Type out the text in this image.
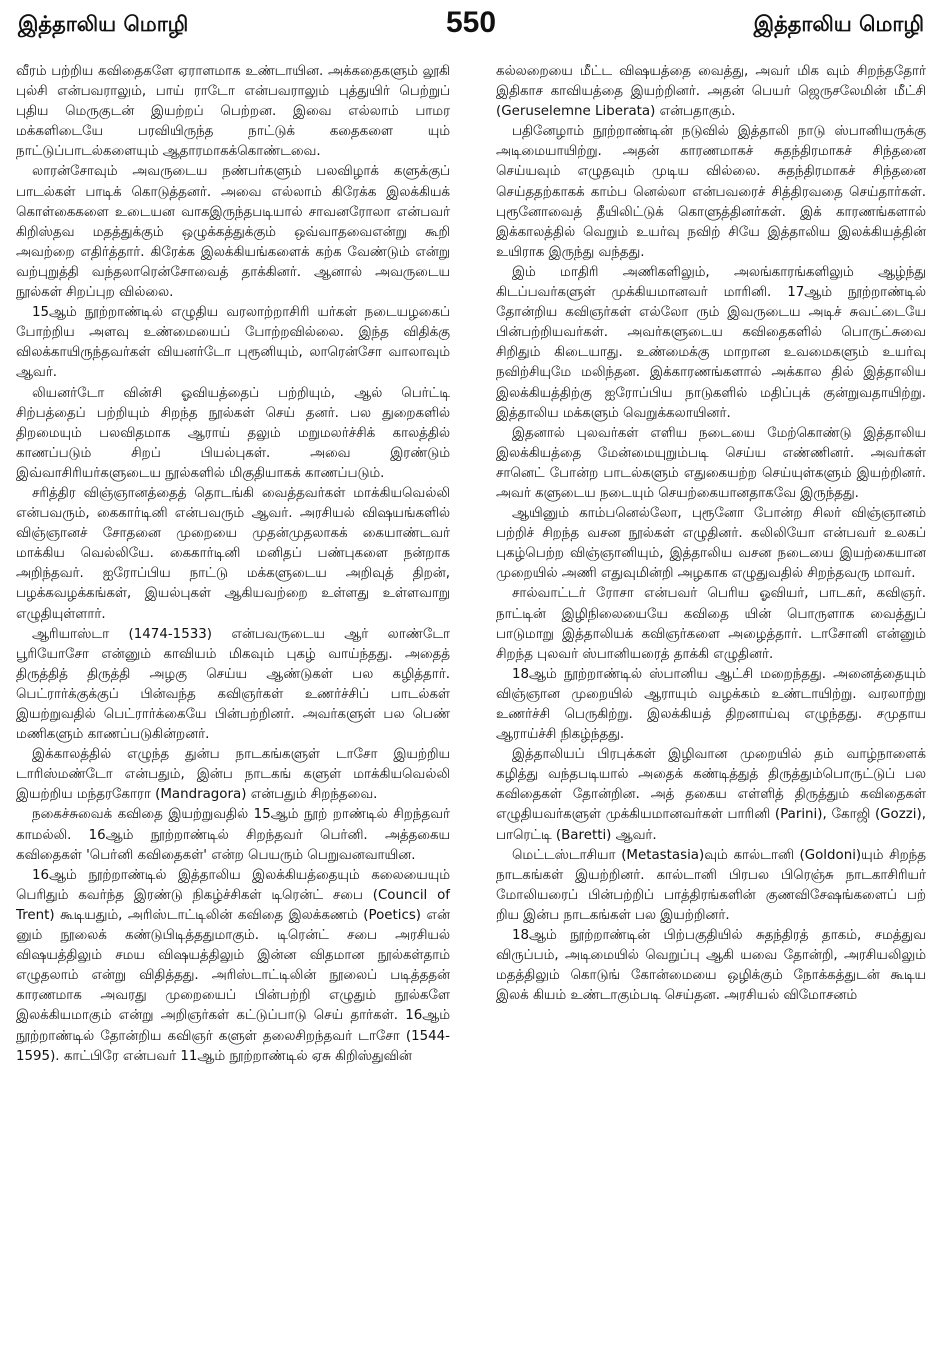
இத்தாலிய மொழி	550	இத்தாலிய மொழி

வீரம் பற்றிய கவிதைகளே ஏராளமாக உண்டாயின. அக்கதைகளும் லூகி புல்சி என்பவராலும், பாய் ராடோ என்பவராலும் புத்துயிர் பெற்றுப் புதிய மெருகுடன் இயற்றப் பெற்றன. இவை எல்லாம் பாமர மக்களிடையே பரவியிருந்த நாட்டுக் கதைகளை யும் நாட்டுப்பாடல்களையும் ஆதாரமாகக்கொண்டவை.

லாரன்சோவும் அவருடைய நண்பர்களும் பலவிழாக் களுக்குப் பாடல்கள் பாடிக் கொடுத்தனர். அவை எல்லாம் கிரேக்க இலக்கியக் கொள்கைகளை உடையன வாகஇருந்தபடியால் சாவனரோலா என்பவர் கிறிஸ்தவ மதத்துக்கும் ஒழுக்கத்துக்கும் ஒவ்வாதவைஎன்று கூறி அவற்றை எதிர்த்தார். கிரேக்க இலக்கியங்களைக் கற்க வேண்டும் என்று வற்புறுத்தி வந்தலாரென்சோவைத் தாக்கினர். ஆனால் அவருடைய நூல்கள் சிறப்புற வில்லை.

15ஆம் நூற்றாண்டில் எழுதிய வரலாற்றாசிரி யர்கள் நடையழகைப் போற்றிய அளவு உண்மையைப் போற்றவில்லை. இந்த விதிக்கு விலக்காயிருந்தவர்கள் வியனர்டோ புரூனியும், லாரென்சோ வாலாவும் ஆவர்.

லியனர்டோ வின்சி ஓவியத்தைப் பற்றியும், ஆல் பெர்ட்டி சிற்பத்தைப் பற்றியும் சிறந்த நூல்கள் செய் தனர். பல துறைகளில் திறமையும் பலவிதமாக ஆராய் தலும் மறுமலர்ச்சிக் காலத்தில் காணப்படும் சிறப் பியல்புகள். அவை இரண்டும் இவ்வாசிரியர்களுடைய நூல்களில் மிகுதியாகக் காணப்படும்.

சரித்திர விஞ்ஞானத்தைத் தொடங்கி வைத்தவர்கள் மாக்கியவெல்லி என்பவரும், கைகார்டினி என்பவரும் ஆவர். அரசியல் விஷயங்களில் விஞ்ஞானச் சோதனை முறையை முதன்முதலாகக் கையாண்டவர் மாக்கிய வெல்லியே. கைகார்டினி மனிதப் பண்புகளை நன்றாக அறிந்தவர். ஐரோப்பிய நாட்டு மக்களுடைய அறிவுத் திறன், பழக்கவழக்கங்கள், இயல்புகள் ஆகியவற்றை உள்ளது உள்ளவாறு எழுதியுள்ளார்.

ஆரியாஸ்டா (1474-1533) என்பவருடைய ஆர் லாண்டோ பூரியோசோ என்னும் காவியம் மிகவும் புகழ் வாய்ந்தது. அதைத் திருத்தித் திருத்தி அழகு செய்ய ஆண்டுகள் பல கழித்தார். பெட்ரார்க்குக்குப் பின்வந்த கவிஞர்கள் உணர்ச்சிப் பாடல்கள் இயற்றுவதில் பெட்ரார்க்கையே பின்பற்றினர். அவர்களுள் பல பெண் மணிகளும் காணப்படுகின்றனர்.

இக்காலத்தில் எழுந்த துன்ப நாடகங்களுள் டாசோ இயற்றிய டாரிஸ்மண்டோ என்பதும், இன்ப நாடகங் களுள் மாக்கியவெல்லி இயற்றிய மந்தரகோரா (Mandragora) என்பதும் சிறந்தவை.

நகைச்சுவைக் கவிதை இயற்றுவதில் 15ஆம் நூற் றாண்டில் சிறந்தவர் காமல்லி. 16ஆம் நூற்றாண்டில் சிறந்தவர் பெர்னி. அத்தகைய கவிதைகள் 'பெர்னி கவிதைகள்' என்ற பெயரும் பெறுவனவாயின.

16ஆம் நூற்றாண்டில் இத்தாலிய இலக்கியத்தையும் கலையையும் பெரிதும் கவர்ந்த இரண்டு நிகழ்ச்சிகள் டிரென்ட் சபை (Council of Trent) கூடியதும், அரிஸ்டாட்டிலின் கவிதை இலக்கணம் (Poetics) என் னும் நூலைக் கண்டுபிடித்ததுமாகும். டிரென்ட் சபை அரசியல் விஷயத்திலும் சமய விஷயத்திலும் இன்ன விதமான நூல்கள்தாம் எழுதலாம் என்று விதித்தது. அரிஸ்டாட்டிலின் நூலைப் படித்ததன் காரணமாக அவரது முறையைப் பின்பற்றி எழுதும் நூல்களே இலக்கியமாகும் என்று அறிஞர்கள் கட்டுப்பாடு செய் தார்கள். 16ஆம் நூற்றாண்டில் தோன்றிய கவிஞர் களுள் தலைசிறந்தவர் டாசோ (1544-1595). காட்பிரே என்பவர் 11ஆம் நூற்றாண்டில் ஏசு கிறிஸ்துவின்

கல்லறையை மீட்ட விஷயத்தை வைத்து, அவர் மிக வும் சிறந்ததோர் இதிகாச காவியத்தை இயற்றினர். அதன் பெயர் ஜெருசலேமின் மீட்சி (Geruselemne Liberata) என்பதாகும்.

பதினேழாம் நூற்றாண்டின் நடுவில் இத்தாலி நாடு ஸ்பானியருக்கு அடிமையாயிற்று. அதன் காரணமாகச் சுதந்திரமாகச் சிந்தனை செய்யவும் எழுதவும் முடிய வில்லை. சுதந்திரமாகச் சிந்தனை செய்ததற்காகக் காம்ப னெல்லா என்பவரைச் சித்திரவதை செய்தார்கள். புரூனோவைத் தீயிலிட்டுக் கொளுத்தினர்கள். இக் காரணங்களால் இக்காலத்தில் வெறும் உயர்வு நவிற் சியே இத்தாலிய இலக்கியத்தின் உயிராக இருந்து வந்தது.

இம் மாதிரி அணிகளிலும், அலங்காரங்களிலும் ஆழ்ந்து கிடப்பவர்களுள் முக்கியமானவர் மாரினி. 17ஆம் நூற்றாண்டில் தோன்றிய கவிஞர்கள் எல்லோ ரும் இவருடைய அடிச் சுவட்டையே பின்பற்றியவர்கள். அவர்களுடைய கவிதைகளில் பொருட்சுவை சிறிதும் கிடையாது. உண்மைக்கு மாறான உவமைகளும் உயர்வு நவிற்சியுமே மலிந்தன. இக்காரணங்களால் அக்கால தில் இத்தாலிய இலக்கியத்திற்கு ஐரோப்பிய நாடுகளில் மதிப்புக் குன்றுவதாயிற்று. இத்தாலிய மக்களும் வெறுக்கலாயினர்.

இதனால் புலவர்கள் எளிய நடையை மேற்கொண்டு இத்தாலிய இலக்கியத்தை மேன்மையுறும்படி செய்ய எண்ணினர். அவர்கள் சானெட் போன்ற பாடல்களும் எதுகையற்ற செய்யுள்களும் இயற்றினர். அவர் களுடைய நடையும் செயற்கையானதாகவே இருந்தது.

ஆயினும் காம்பனெல்லோ, புரூனோ போன்ற சிலர் விஞ்ஞானம் பற்றிச் சிறந்த வசன நூல்கள் எழுதினர். கலிலியோ என்பவர் உலகப் புகழ்பெற்ற விஞ்ஞானியும், இத்தாலிய வசன நடையை இயற்கையான முறையில் அணி எதுவுமின்றி அழகாக எழுதுவதில் சிறந்தவரு மாவர்.

சால்வாட்டர் ரோசா என்பவர் பெரிய ஓவியர், பாடகர், கவிஞர். நாட்டின் இழிநிலையையே கவிதை யின் பொருளாக வைத்துப் பாடுமாறு இத்தாலியக் கவிஞர்களை அழைத்தார். டாசோனி என்னும் சிறந்த புலவர் ஸ்பானியரைத் தாக்கி எழுதினர்.

18ஆம் நூற்றாண்டில் ஸ்பானிய ஆட்சி மறைந்தது. அனைத்தையும் விஞ்ஞான முறையில் ஆராயும் வழக்கம் உண்டாயிற்று. வரலாற்று உணர்ச்சி பெருகிற்று. இலக்கியத் திறனாய்வு எழுந்தது. சமுதாய ஆராய்ச்சி நிகழ்ந்தது.

இத்தாலியப் பிரபுக்கள் இழிவான முறையில் தம் வாழ்நாளைக் கழித்து வந்தபடியால் அதைக் கண்டித்துத் திருத்தும்பொருட்டுப் பல கவிதைகள் தோன்றின. அத் தகைய எள்ளித் திருத்தும் கவிதைகள் எழுதியவர்களுள் முக்கியமானவர்கள் பாரினி (Parini), கோஜி (Gozzi), பாரெட்டி (Baretti) ஆவர்.

மெட்டஸ்டாசியா (Metastasia)வும் கால்டானி (Goldoni)யும் சிறந்த நாடகங்கள் இயற்றினர். கால்டானி பிரபல பிரெஞ்சு நாடகாசிரியர் மோலியரைப் பின்பற்றிப் பாத்திரங்களின் குணவிசேஷங்களைப் பற் றிய இன்ப நாடகங்கள் பல இயற்றினர்.

18ஆம் நூற்றாண்டின் பிற்பகுதியில் சுதந்திரத் தாகம், சமத்துவ விருப்பம், அடிமையில் வெறுப்பு ஆகி யவை தோன்றி, அரசியலிலும் மதத்திலும் கொடுங் கோன்மையை ஒழிக்கும் நோக்கத்துடன் கூடிய இலக் கியம் உண்டாகும்படி செய்தன. அரசியல் விமோசனம்
